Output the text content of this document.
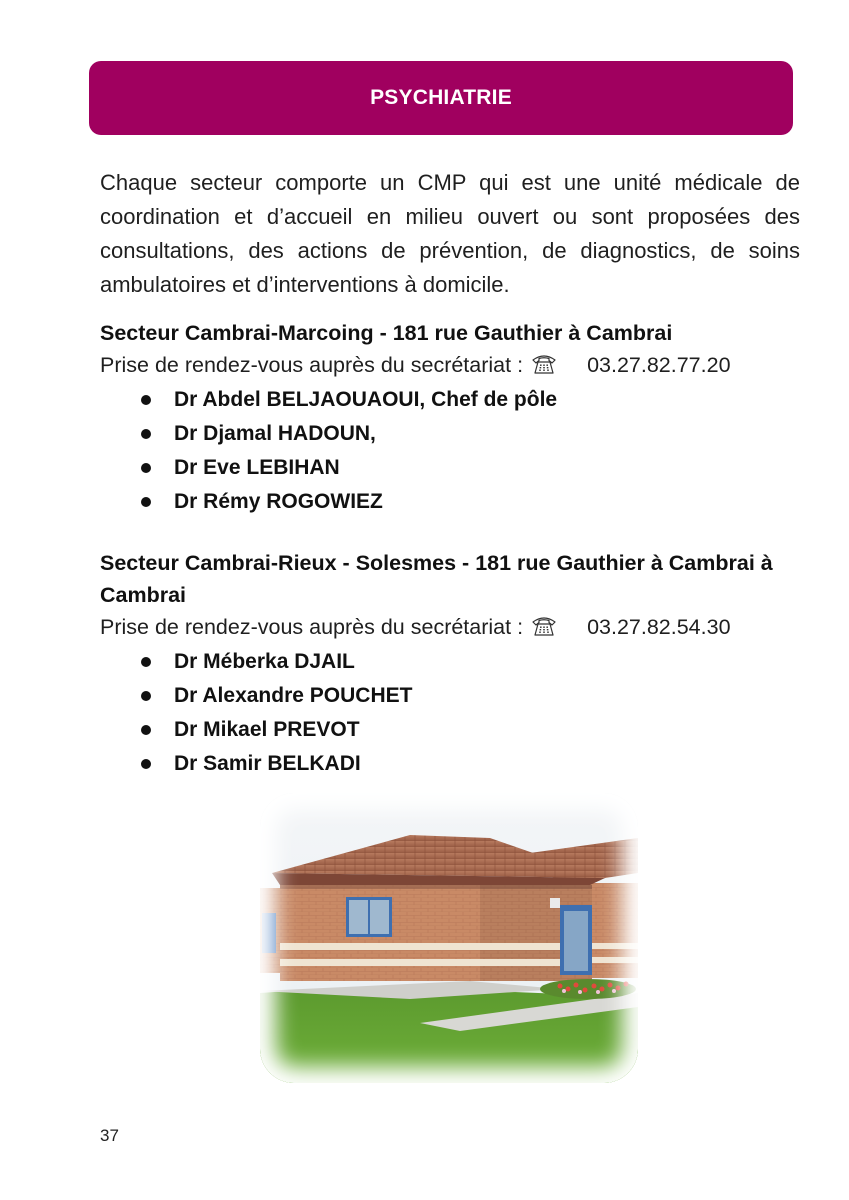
PSYCHIATRIE

Chaque secteur comporte un CMP qui est une unité médicale de coordination et d’accueil en milieu ouvert ou sont proposées des consultations, des actions de prévention, de diagnostics, de soins ambulatoires et d’interventions à domicile.

Secteur Cambrai-Marcoing - 181 rue Gauthier à Cambrai
Prise de rendez-vous auprès du secrétariat :	03.27.82.77.20
Dr Abdel BELJAOUAOUI, Chef de pôle
Dr Djamal HADOUN,
Dr Eve LEBIHAN
Dr Rémy ROGOWIEZ
Secteur Cambrai-Rieux - Solesmes - 181 rue Gauthier à Cambrai à Cambrai
Prise de rendez-vous auprès du secrétariat :	03.27.82.54.30
Dr Méberka DJAIL
Dr Alexandre POUCHET
Dr Mikael PREVOT
Dr Samir BELKADI
37
